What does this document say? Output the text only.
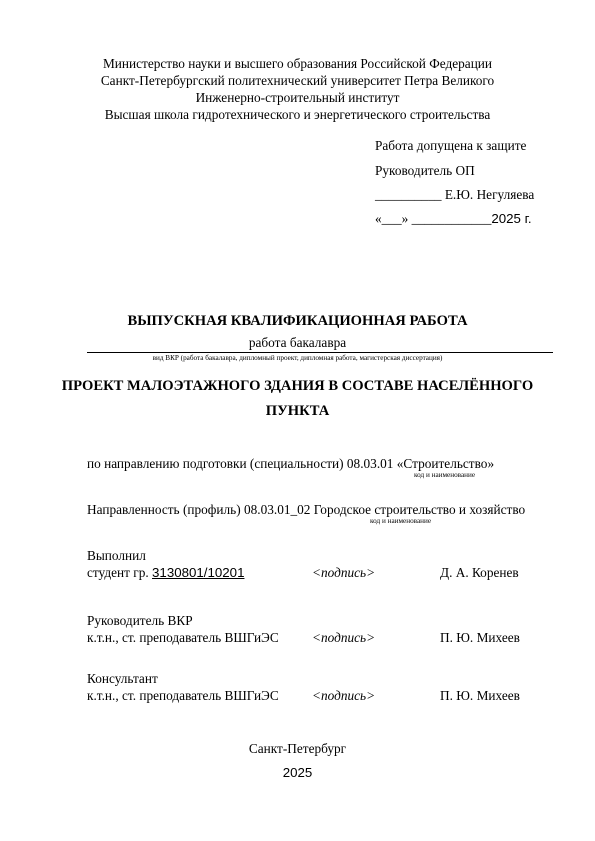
Министерство науки и высшего образования Российской Федерации
Санкт-Петербургский политехнический университет Петра Великого
Инженерно-строительный институт
Высшая школа гидротехнического и энергетического строительства
Работа допущена к защите
Руководитель ОП
__________ Е.Ю. Негуляева
«___» ____________2025 г.
ВЫПУСКНАЯ КВАЛИФИКАЦИОННАЯ РАБОТА
работа бакалавра
вид ВКР (работа бакалавра, дипломный проект, дипломная работа, магистерская диссертация)
ПРОЕКТ МАЛОЭТАЖНОГО ЗДАНИЯ В СОСТАВЕ НАСЕЛЁННОГО
ПУНКТА
по направлению подготовки (специальности) 08.03.01 «Строительство»
код и наименование
Направленность (профиль) 08.03.01_02 Городское строительство и хозяйство
код и наименование
Выполнил
студент гр. 3130801/10201	<подпись>	Д. А. Коренев
Руководитель ВКР
к.т.н., ст. преподаватель ВШГиЭС	<подпись>	П. Ю. Михеев
Консультант
к.т.н., ст. преподаватель ВШГиЭС	<подпись>	П. Ю. Михеев
Санкт-Петербург
2025
